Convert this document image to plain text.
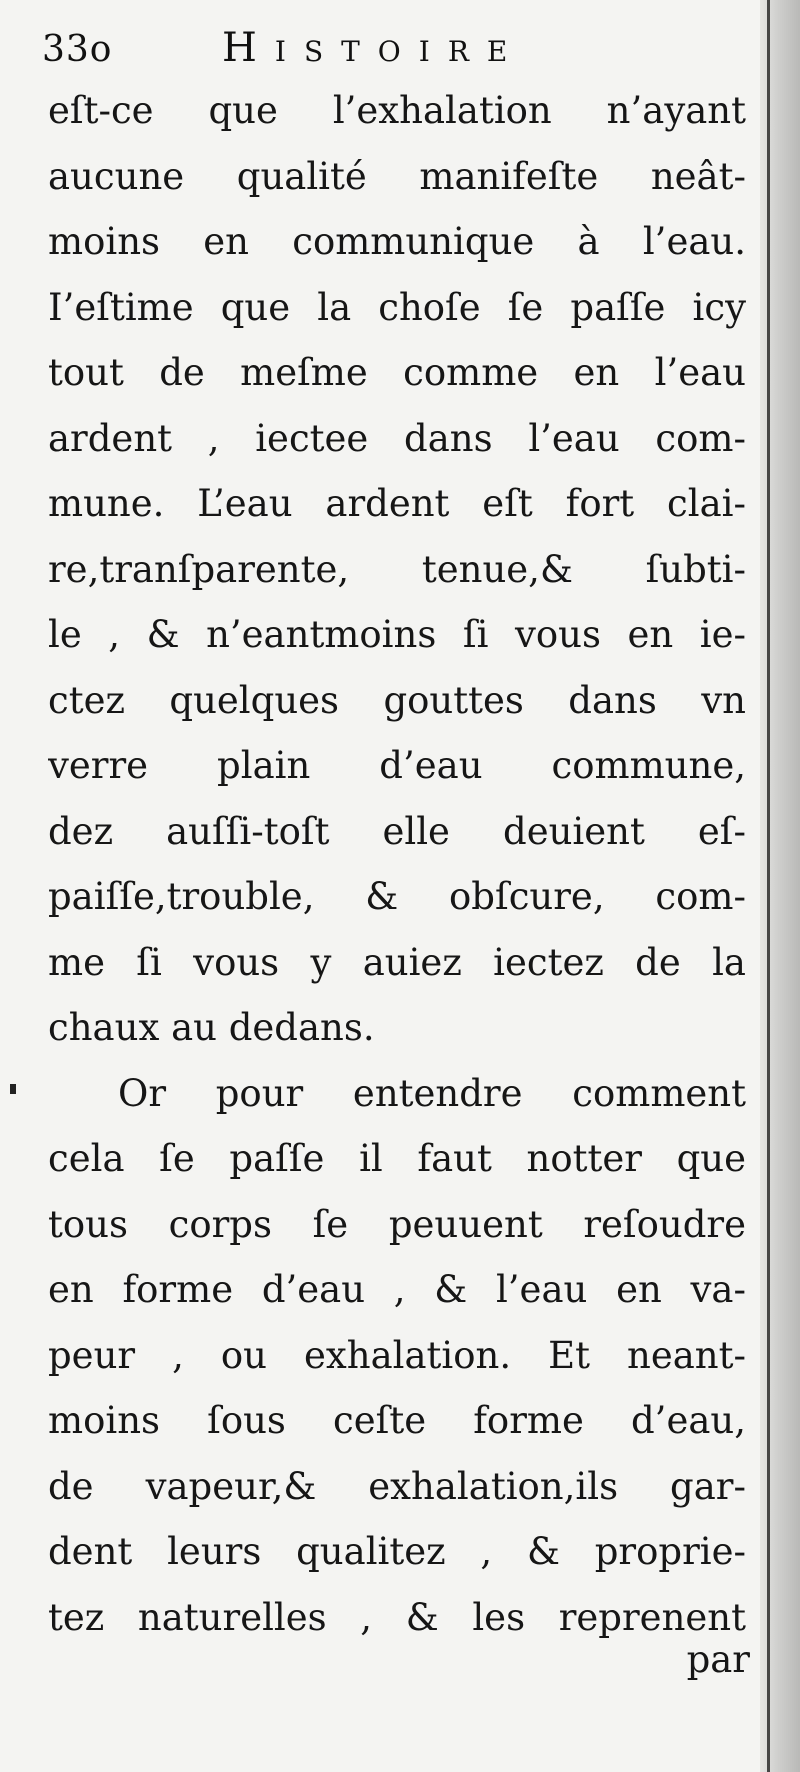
33o	Histoire
eſt-ce que l’exhalation n’ayant
aucune qualité manifeſte neât-
moins en communique à l’eau.
I’eſtime que la choſe ſe paſſe icy
tout de meſme comme en l’eau
ardent , iectee dans l’eau com-
mune. L’eau ardent eſt fort clai-
re,tranſparente, tenue,& ſubti-
le , & n’eantmoins ſi vous en ie-
ctez quelques gouttes dans vn
verre plain d’eau commune,
dez auſſi-toſt elle deuient eſ-
paiſſe,trouble, & obſcure, com-
me ſi vous y auiez iectez de la
chaux au dedans.
Or pour entendre comment
cela ſe paſſe il faut notter que
tous corps ſe peuuent reſoudre
en forme d’eau , & l’eau en va-
peur , ou exhalation. Et neant-
moins ſous ceſte forme d’eau,
de vapeur,& exhalation,ils gar-
dent leurs qualitez , & proprie-
tez naturelles , & les reprenent
par
